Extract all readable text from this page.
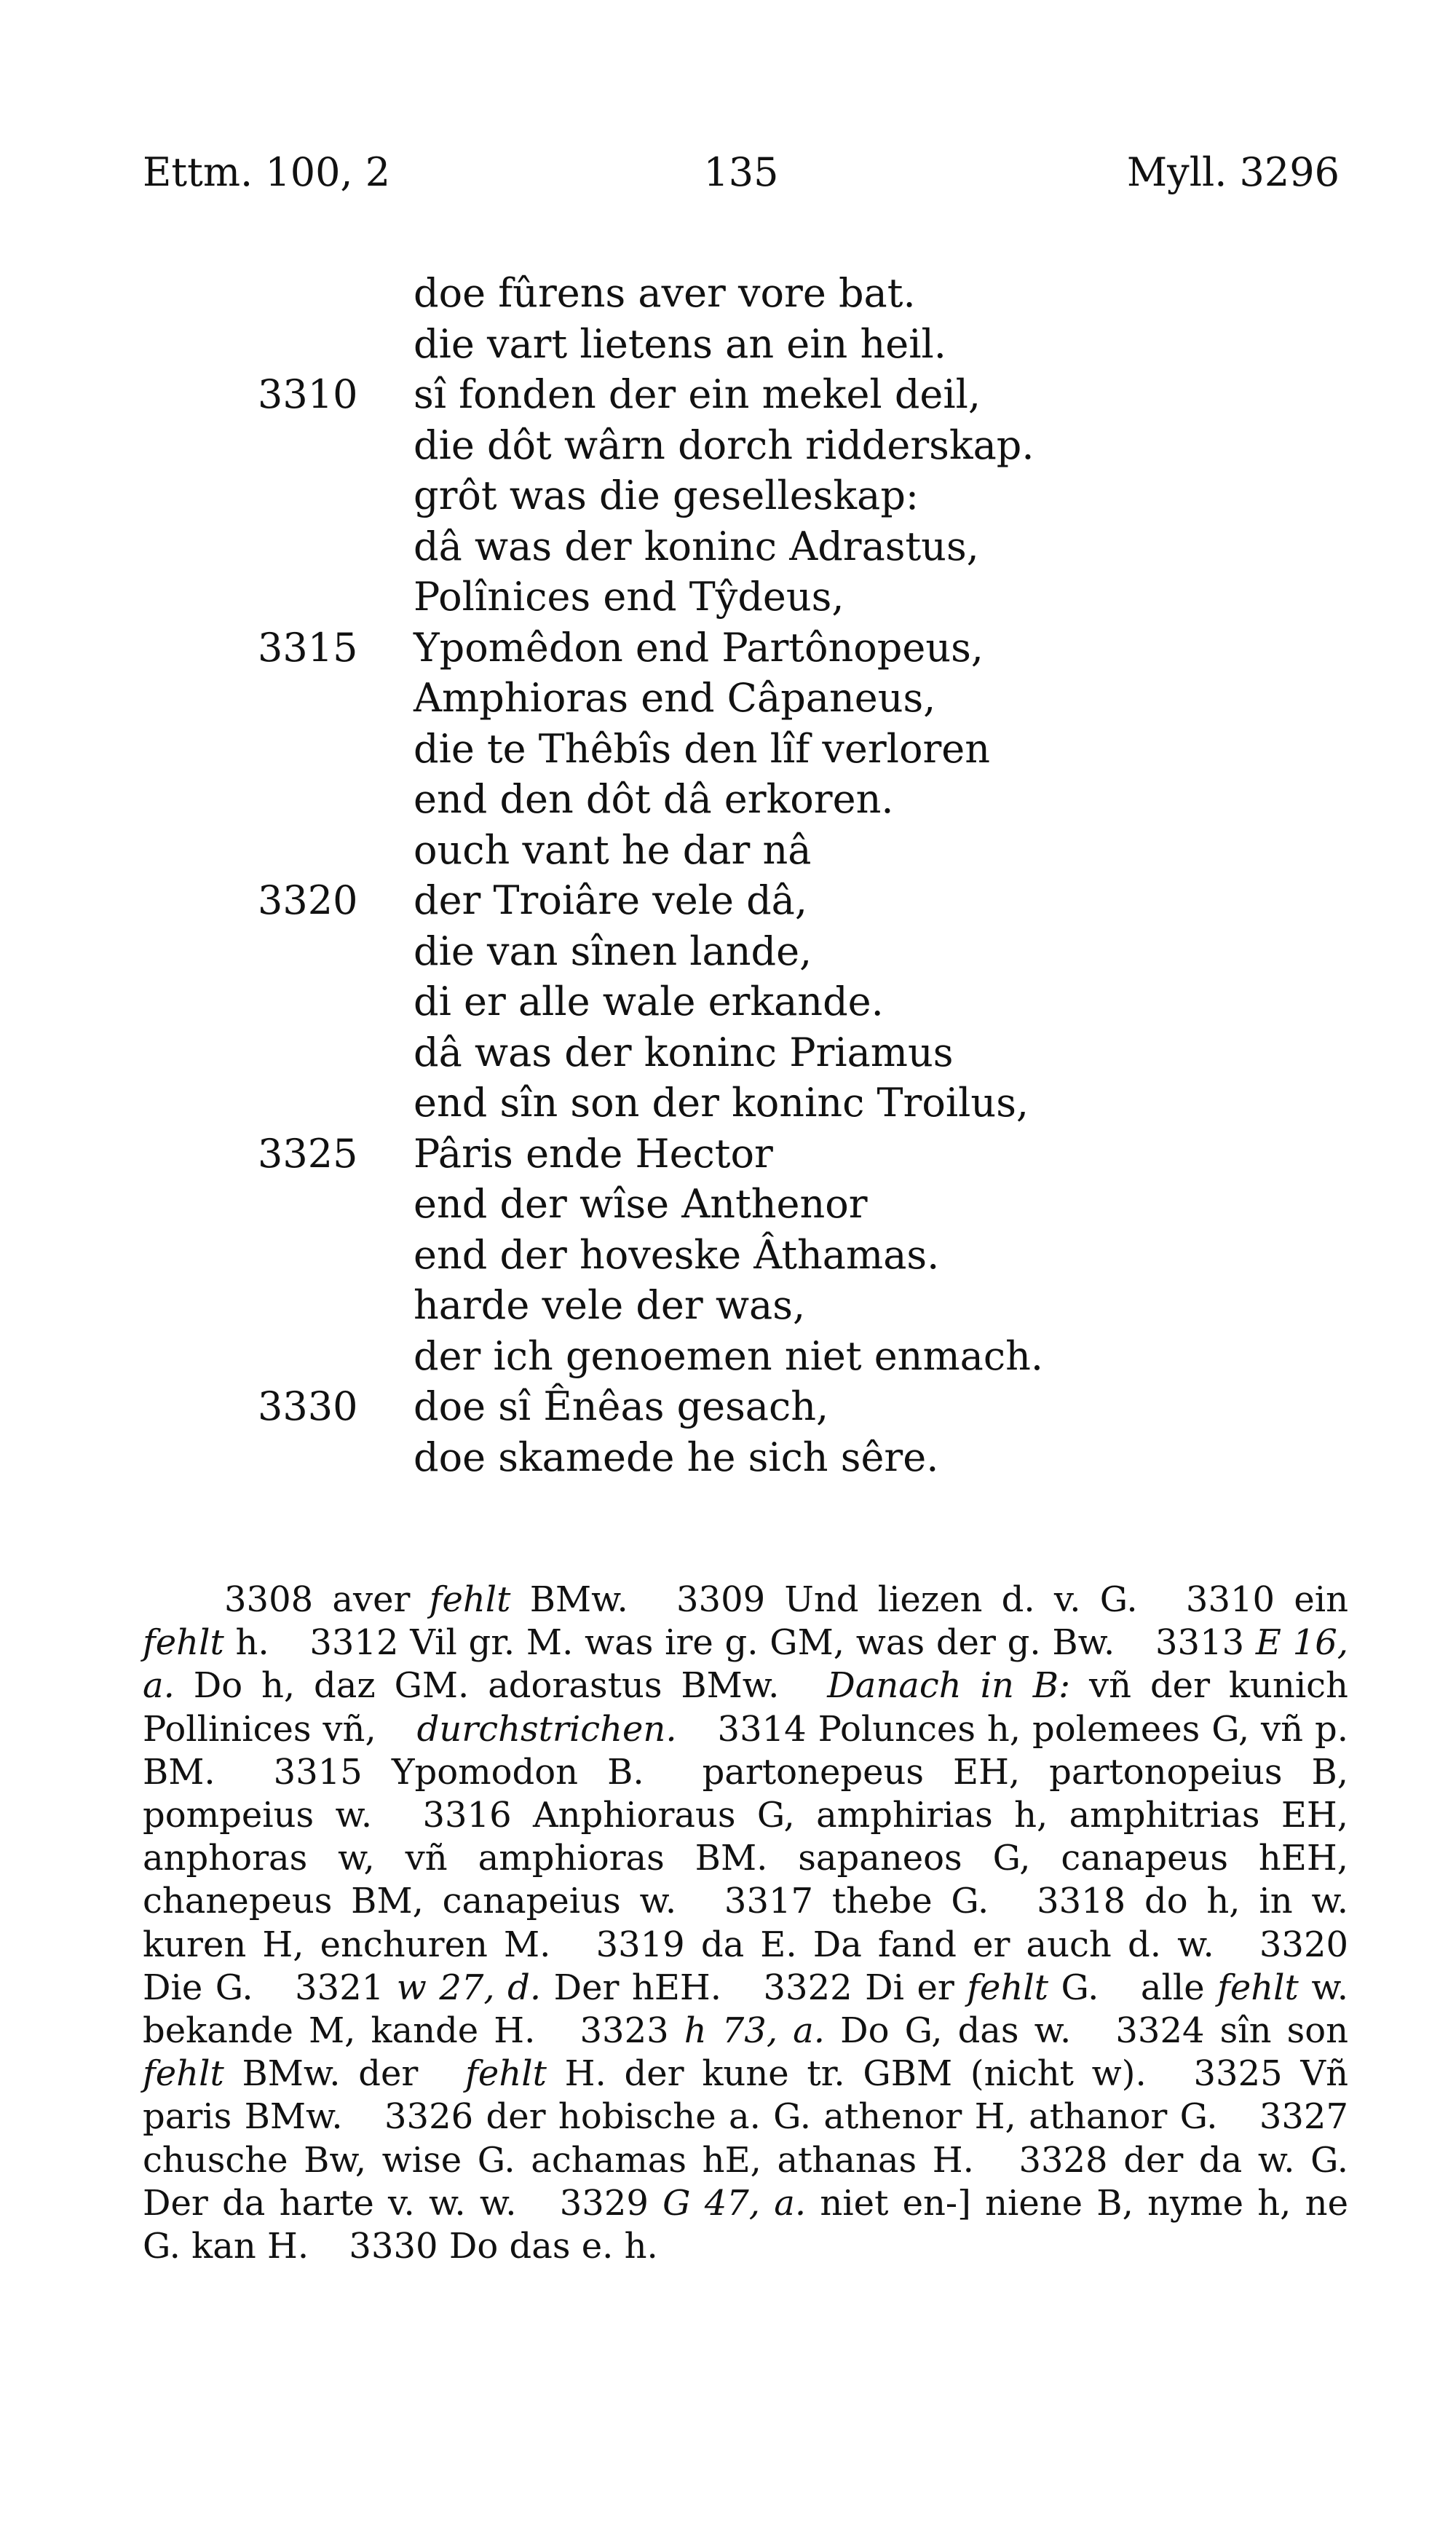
Ettm. 100, 2	135	Myll. 3296
doe fûrens aver vore bat.
die vart lietens an ein heil.
3310	sî fonden der ein mekel deil,
die dôt wârn dorch ridderskap.
grôt was die geselleskap:
dâ was der koninc Adrastus,
Polînices end Tŷdeus,
3315	Ypomêdon end Partônopeus,
Amphioras end Câpaneus,
die te Thêbîs den lîf verloren
end den dôt dâ erkoren.
ouch vant he dar nâ
3320	der Troiâre vele dâ,
die van sînen lande,
di er alle wale erkande.
dâ was der koninc Priamus
end sîn son der koninc Troilus,
3325	Pâris ende Hector
end der wîse Anthenor
end der hoveske Âthamas.
harde vele der was,
der ich genoemen niet enmach.
3330	doe sî Ênêas gesach,
doe skamede he sich sêre.
3308 aver fehlt BMw. 3309 Und liezen d. v. G. 3310 ein fehlt h. 3312 Vil gr. M. was ire g. GM, was der g. Bw. 3313 E 16, a. Do h, daz GM. adorastus BMw. Danach in B: vñ der kunich Pollinices vñ, durchstrichen. 3314 Polunces h, polemees G, vñ p. BM. 3315 Ypomodon B. partonepeus EH, partonopeius B, pompeius w. 3316 Anphioraus G, amphirias h, amphitrias EH, anphoras w, vñ amphioras BM. sapaneos G, canapeus hEH, chanepeus BM, canapeius w. 3317 thebe G. 3318 do h, in w. kuren H, enchuren M. 3319 da E. Da fand er auch d. w. 3320 Die G. 3321 w 27, d. Der hEH. 3322 Di er fehlt G. alle fehlt w. bekande M, kande H. 3323 h 73, a. Do G, das w. 3324 sîn son fehlt BMw. der fehlt H. der kune tr. GBM (nicht w). 3325 Vñ paris BMw. 3326 der hobische a. G. athenor H, athanor G. 3327 chusche Bw, wise G. achamas hE, athanas H. 3328 der da w. G. Der da harte v. w. w. 3329 G 47, a. niet en-] niene B, nyme h, ne G. kan H. 3330 Do das e. h.
